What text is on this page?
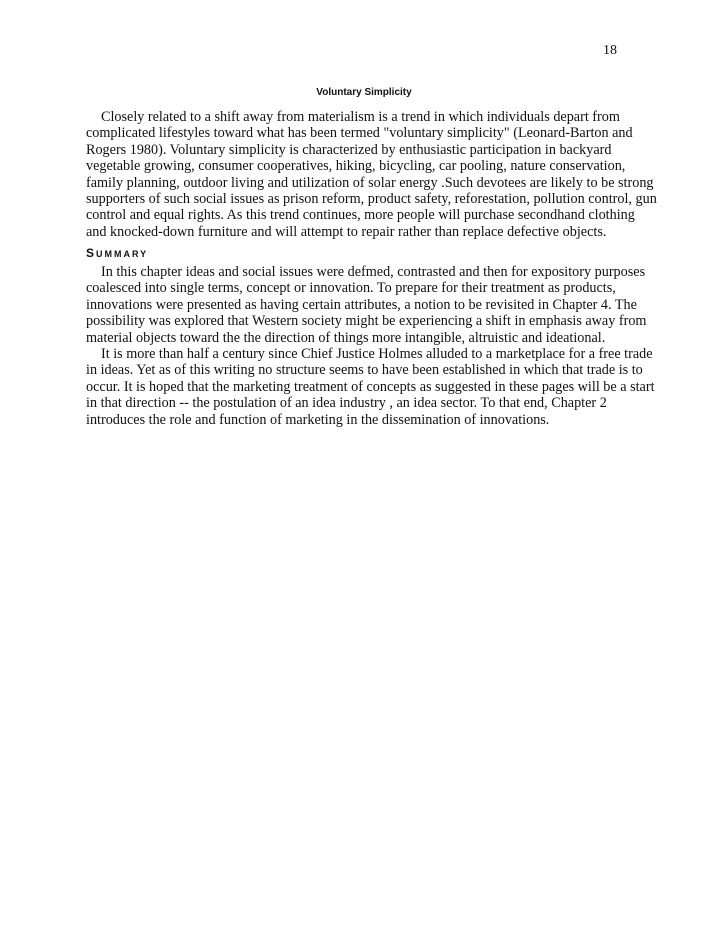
18
Voluntary Simplicity
Closely related to a shift away from materialism is a trend in which individuals depart from
complicated lifestyles toward what has been termed "voluntary simplicity" (Leonard-Barton and
Rogers 1980). Voluntary simplicity is characterized by enthusiastic participation in backyard
vegetable growing, consumer cooperatives, hiking, bicycling, car pooling, nature conservation,
family planning, outdoor living and utilization of solar energy .Such devotees are likely to be strong
supporters of such social issues as prison reform, product safety, reforestation, pollution control, gun
control and equal rights. As this trend continues, more people will purchase secondhand clothing
and knocked-down furniture and will attempt to repair rather than replace defective objects.
SUMMARY
In this chapter ideas and social issues were defmed, contrasted and then for expository purposes
coalesced into single terms, concept or innovation. To prepare for their treatment as products,
innovations were presented as having certain attributes, a notion to be revisited in Chapter 4. The
possibility was explored that Western society might be experiencing a shift in emphasis away from
material objects toward the the direction of things more intangible, altruistic and ideational.
It is more than half a century since Chief Justice Holmes alluded to a marketplace for a free trade
in ideas. Yet as of this writing no structure seems to have been established in which that trade is to
occur. It is hoped that the marketing treatment of concepts as suggested in these pages will be a start
in that direction -- the postulation of an idea industry , an idea sector. To that end, Chapter 2
introduces the role and function of marketing in the dissemination of innovations.
